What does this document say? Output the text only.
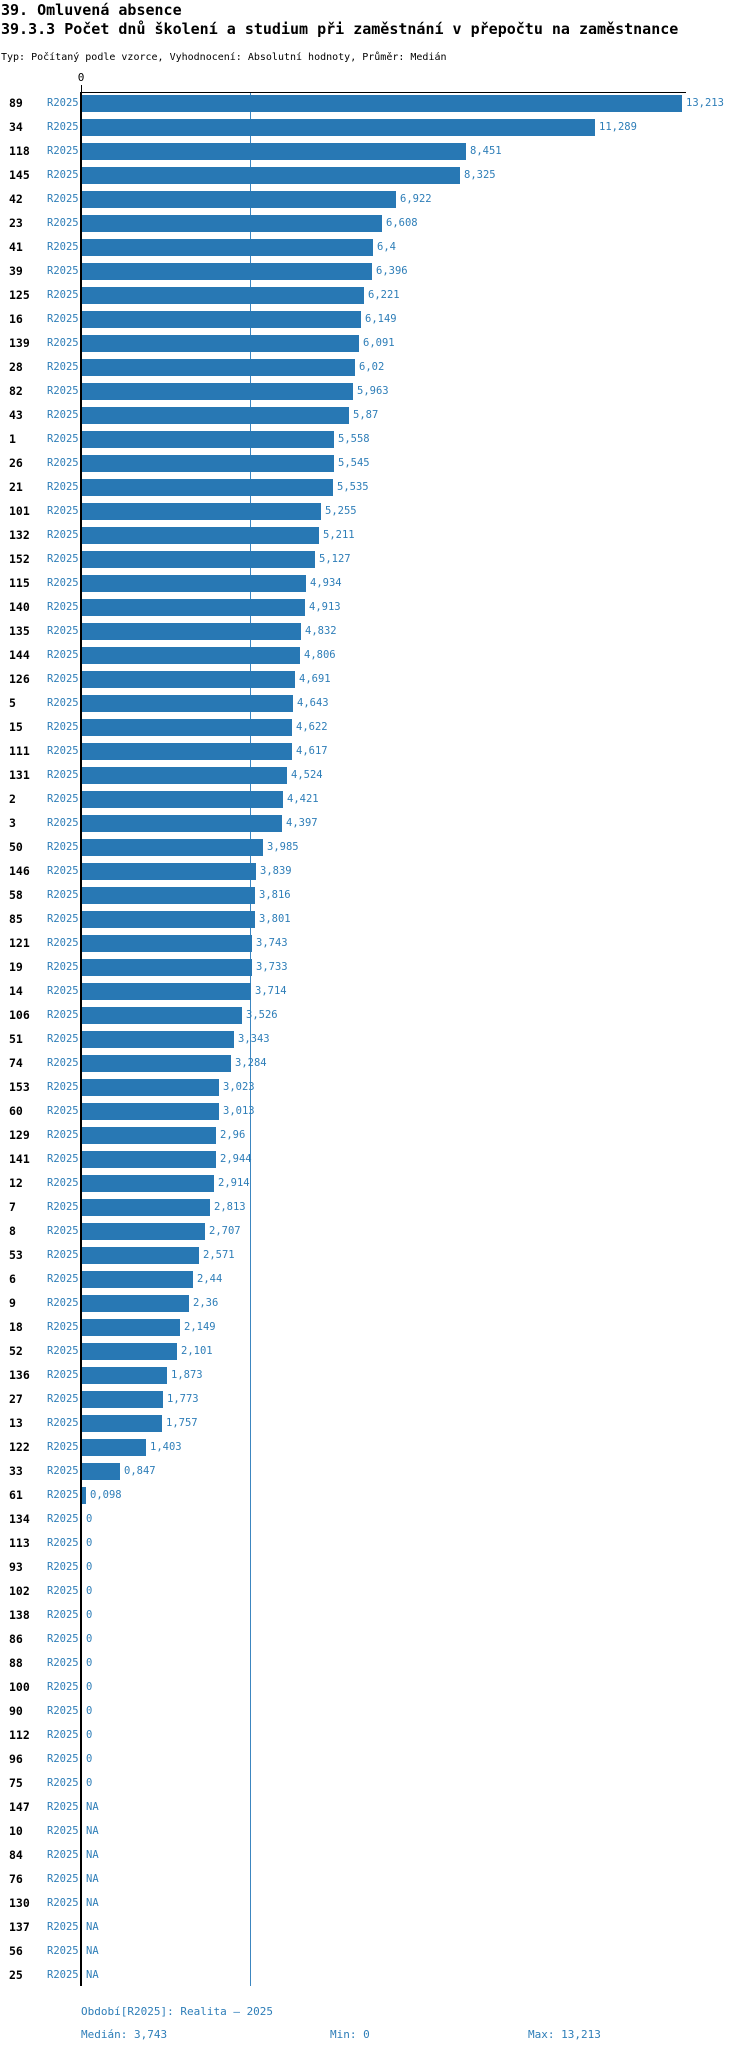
39. Omluvená absence
39.3.3 Počet dnů školení a studium při zaměstnání v přepočtu na zaměstnance
Typ: Počítaný podle vzorce, Vyhodnocení: Absolutní hodnoty, Průměr: Medián
0
89 R2025	13,213
34 R2025	11,289
118 R2025	8,451
145 R2025	8,325
42 R2025	6,922
23 R2025	6,608
41 R2025	6,4
39 R2025	6,396
125 R2025	6,221
16 R2025	6,149
139 R2025	6,091
28 R2025	6,02
82 R2025	5,963
43 R2025	5,87
1	R2025	5,558
26 R2025	5,545
21 R2025	5,535
101 R2025	5,255
132 R2025	5,211
152 R2025	5,127
115 R2025	4,934
140 R2025	4,913
135 R2025	4,832
144 R2025	4,806
126 R2025	4,691
5	R2025	4,643
15 R2025	4,622
111 R2025	4,617
131 R2025	4,524
2	R2025	4,421
3	R2025	4,397
50 R2025	3,985
146 R2025	3,839
58 R2025	3,816
85 R2025	3,801
121 R2025	3,743
19 R2025	3,733
14 R2025	3,714
106 R2025	3,526
51 R2025	3,343
74 R2025	3,284
153 R2025	3,023
60 R2025	3,013
129 R2025	2,96
141 R2025	2,944
12 R2025	2,914
7	R2025	2,813
8	R2025	2,707
53 R2025	2,571
6	R2025	2,44
9	R2025	2,36
18 R2025	2,149
52 R2025	2,101
136 R2025	1,873
27 R2025	1,773
13 R2025	1,757
122 R2025	1,403
33 R2025	0,847
61 R2025 0,098
134 R2025 0
113 R2025 0
93 R2025 0
102 R2025 0
138 R2025 0
86 R2025 0
88 R2025 0
100 R2025 0
90 R2025 0
112 R2025 0
96 R2025 0
75 R2025 0
147 R2025 NA
10 R2025 NA
84 R2025 NA
76 R2025 NA
130 R2025 NA
137 R2025 NA
56 R2025 NA
25 R2025 NA
Období[R2025]: Realita – 2025
Medián: 3,743	Min: 0	Max: 13,213
